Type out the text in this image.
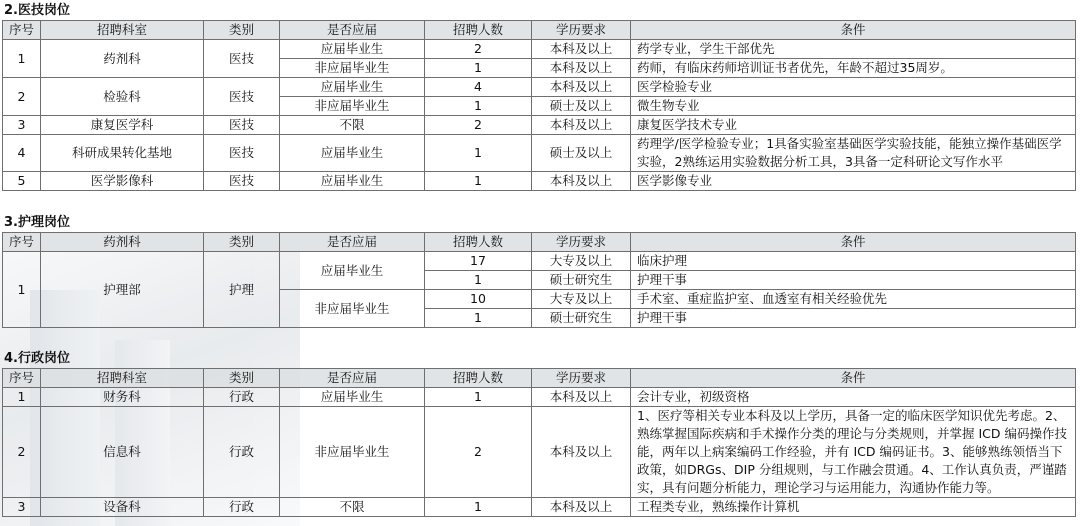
2.医技岗位
序号	招聘科室	类别	是否应届	招聘人数	学历要求	条件
1	药剂科	医技	应届毕业生	2	本科及以上	药学专业，学生干部优先
			非应届毕业生	1	本科及以上	药师，有临床药师培训证书者优先，年龄不超过35周岁。
2	检验科	医技	应届毕业生	4	本科及以上	医学检验专业
			非应届毕业生	1	硕士及以上	微生物专业
3	康复医学科	医技	不限	2	本科及以上	康复医学技术专业
4	科研成果转化基地	医技	应届毕业生	1	硕士及以上	药理学/医学检验专业；1具备实验室基础医学实验技能，能独立操作基础医学实验，2熟练运用实验数据分析工具，3具备一定科研论文写作水平
5	医学影像科	医技	应届毕业生	1	本科及以上	医学影像专业
3.护理岗位
序号	药剂科	类别	是否应届	招聘人数	学历要求	条件
1	护理部	护理	应届毕业生	17	大专及以上	临床护理
				1	硕士研究生	护理干事
			非应届毕业生	10	大专及以上	手术室、重症监护室、血透室有相关经验优先
				1	硕士研究生	护理干事
4.行政岗位
序号	招聘科室	类别	是否应届	招聘人数	学历要求	条件
1	财务科	行政	应届毕业生	1	本科及以上	会计专业，初级资格
2	信息科	行政	非应届毕业生	2	本科及以上	1、医疗等相关专业本科及以上学历，具备一定的临床医学知识优先考虑。2、熟练掌握国际疾病和手术操作分类的理论与分类规则，并掌握 ICD 编码操作技能，两年以上病案编码工作经验，并有 ICD 编码证书。3、能够熟练领悟当下政策，如DRGs、DIP 分组规则，与工作融会贯通。4、工作认真负责，严谨踏实，具有问题分析能力，理论学习与运用能力，沟通协作能力等。
3	设备科	行政	不限	1	本科及以上	工程类专业，熟练操作计算机
